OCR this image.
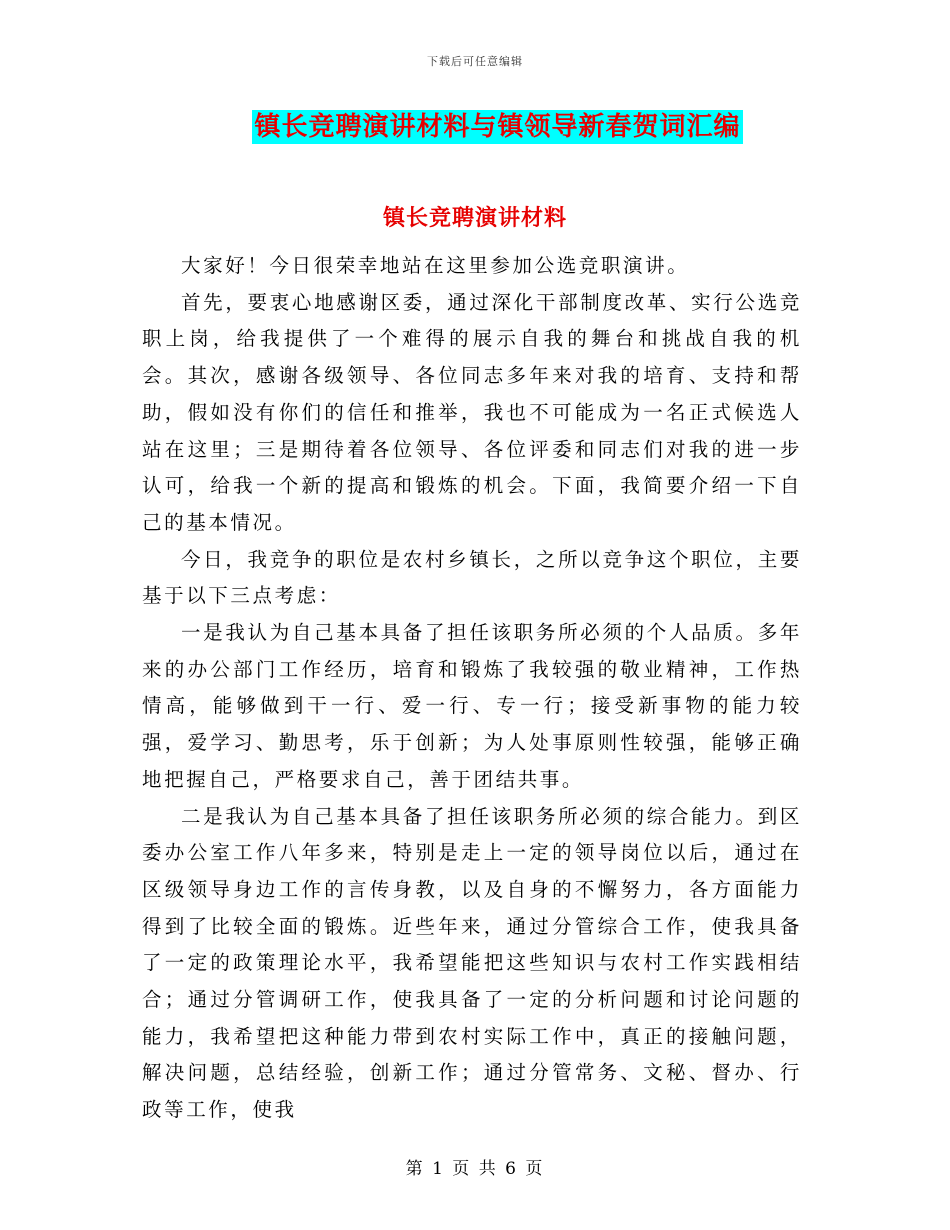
下载后可任意编辑
镇长竞聘演讲材料与镇领导新春贺词汇编
镇长竞聘演讲材料

大家好！今日很荣幸地站在这里参加公选竞职演讲。

首先，要衷心地感谢区委，通过深化干部制度改革、实行公选竞职上岗，给我提供了一个难得的展示自我的舞台和挑战自我的机会。其次，感谢各级领导、各位同志多年来对我的培育、支持和帮助，假如没有你们的信任和推举，我也不可能成为一名正式候选人站在这里；三是期待着各位领导、各位评委和同志们对我的进一步认可，给我一个新的提高和锻炼的机会。下面，我简要介绍一下自己的基本情况。

今日，我竞争的职位是农村乡镇长，之所以竞争这个职位，主要基于以下三点考虑：

一是我认为自己基本具备了担任该职务所必须的个人品质。多年来的办公部门工作经历，培育和锻炼了我较强的敬业精神，工作热情高，能够做到干一行、爱一行、专一行；接受新事物的能力较强，爱学习、勤思考，乐于创新；为人处事原则性较强，能够正确地把握自己，严格要求自己，善于团结共事。

二是我认为自己基本具备了担任该职务所必须的综合能力。到区委办公室工作八年多来，特别是走上一定的领导岗位以后，通过在区级领导身边工作的言传身教，以及自身的不懈努力，各方面能力得到了比较全面的锻炼。近些年来，通过分管综合工作，使我具备了一定的政策理论水平，我希望能把这些知识与农村工作实践相结合；通过分管调研工作，使我具备了一定的分析问题和讨论问题的能力，我希望把这种能力带到农村实际工作中，真正的接触问题，解决问题，总结经验，创新工作；通过分管常务、文秘、督办、行政等工作，使我

第 1 页 共 6 页
